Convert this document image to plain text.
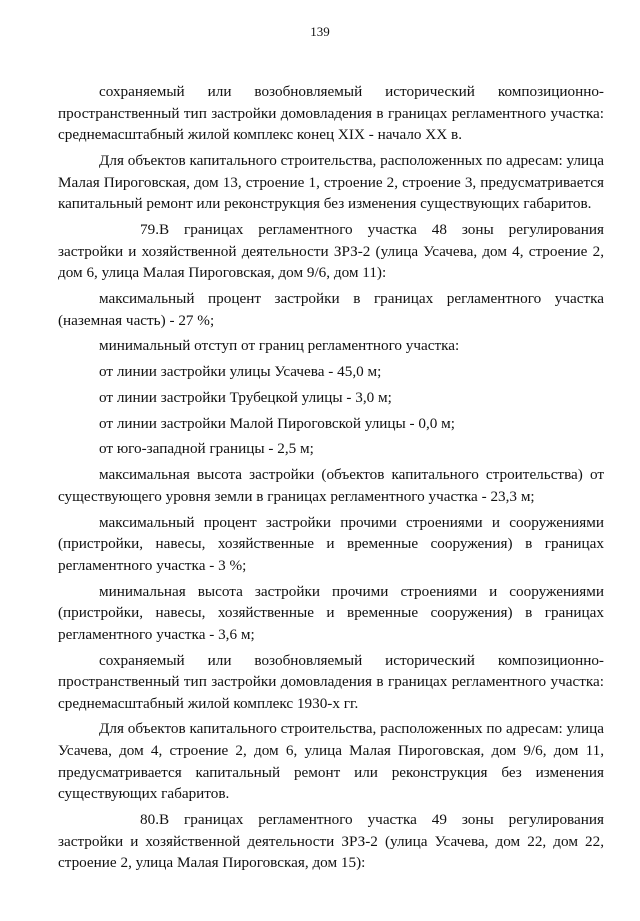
139

сохраняемый или возобновляемый исторический композиционно-пространственный тип застройки домовладения в границах регламентного участка: среднемасштабный жилой комплекс конец XIX - начало XX в.

Для объектов капитального строительства, расположенных по адресам: улица Малая Пироговская, дом 13, строение 1, строение 2, строение 3, предусматривается капитальный ремонт или реконструкция без изменения существующих габаритов.

79.В границах регламентного участка 48 зоны регулирования застройки и хозяйственной деятельности ЗРЗ-2 (улица Усачева, дом 4, строение 2, дом 6, улица Малая Пироговская, дом 9/6, дом 11):

максимальный процент застройки в границах регламентного участка (наземная часть) - 27 %;

минимальный отступ от границ регламентного участка:

от линии застройки улицы Усачева - 45,0 м;

от линии застройки Трубецкой улицы - 3,0 м;

от линии застройки Малой Пироговской улицы - 0,0 м;

от юго-западной границы - 2,5 м;

максимальная высота застройки (объектов капитального строительства) от существующего уровня земли в границах регламентного участка - 23,3 м;

максимальный процент застройки прочими строениями и сооружениями (пристройки, навесы, хозяйственные и временные сооружения) в границах регламентного участка - 3 %;

минимальная высота застройки прочими строениями и сооружениями (пристройки, навесы, хозяйственные и временные сооружения) в границах регламентного участка - 3,6 м;

сохраняемый или возобновляемый исторический композиционно-пространственный тип застройки домовладения в границах регламентного участка: среднемасштабный жилой комплекс 1930-х гг.

Для объектов капитального строительства, расположенных по адресам: улица Усачева, дом 4, строение 2, дом 6, улица Малая Пироговская, дом 9/6, дом 11, предусматривается капитальный ремонт или реконструкция без изменения существующих габаритов.

80.В границах регламентного участка 49 зоны регулирования застройки и хозяйственной деятельности ЗРЗ-2 (улица Усачева, дом 22, дом 22, строение 2, улица Малая Пироговская, дом 15):
